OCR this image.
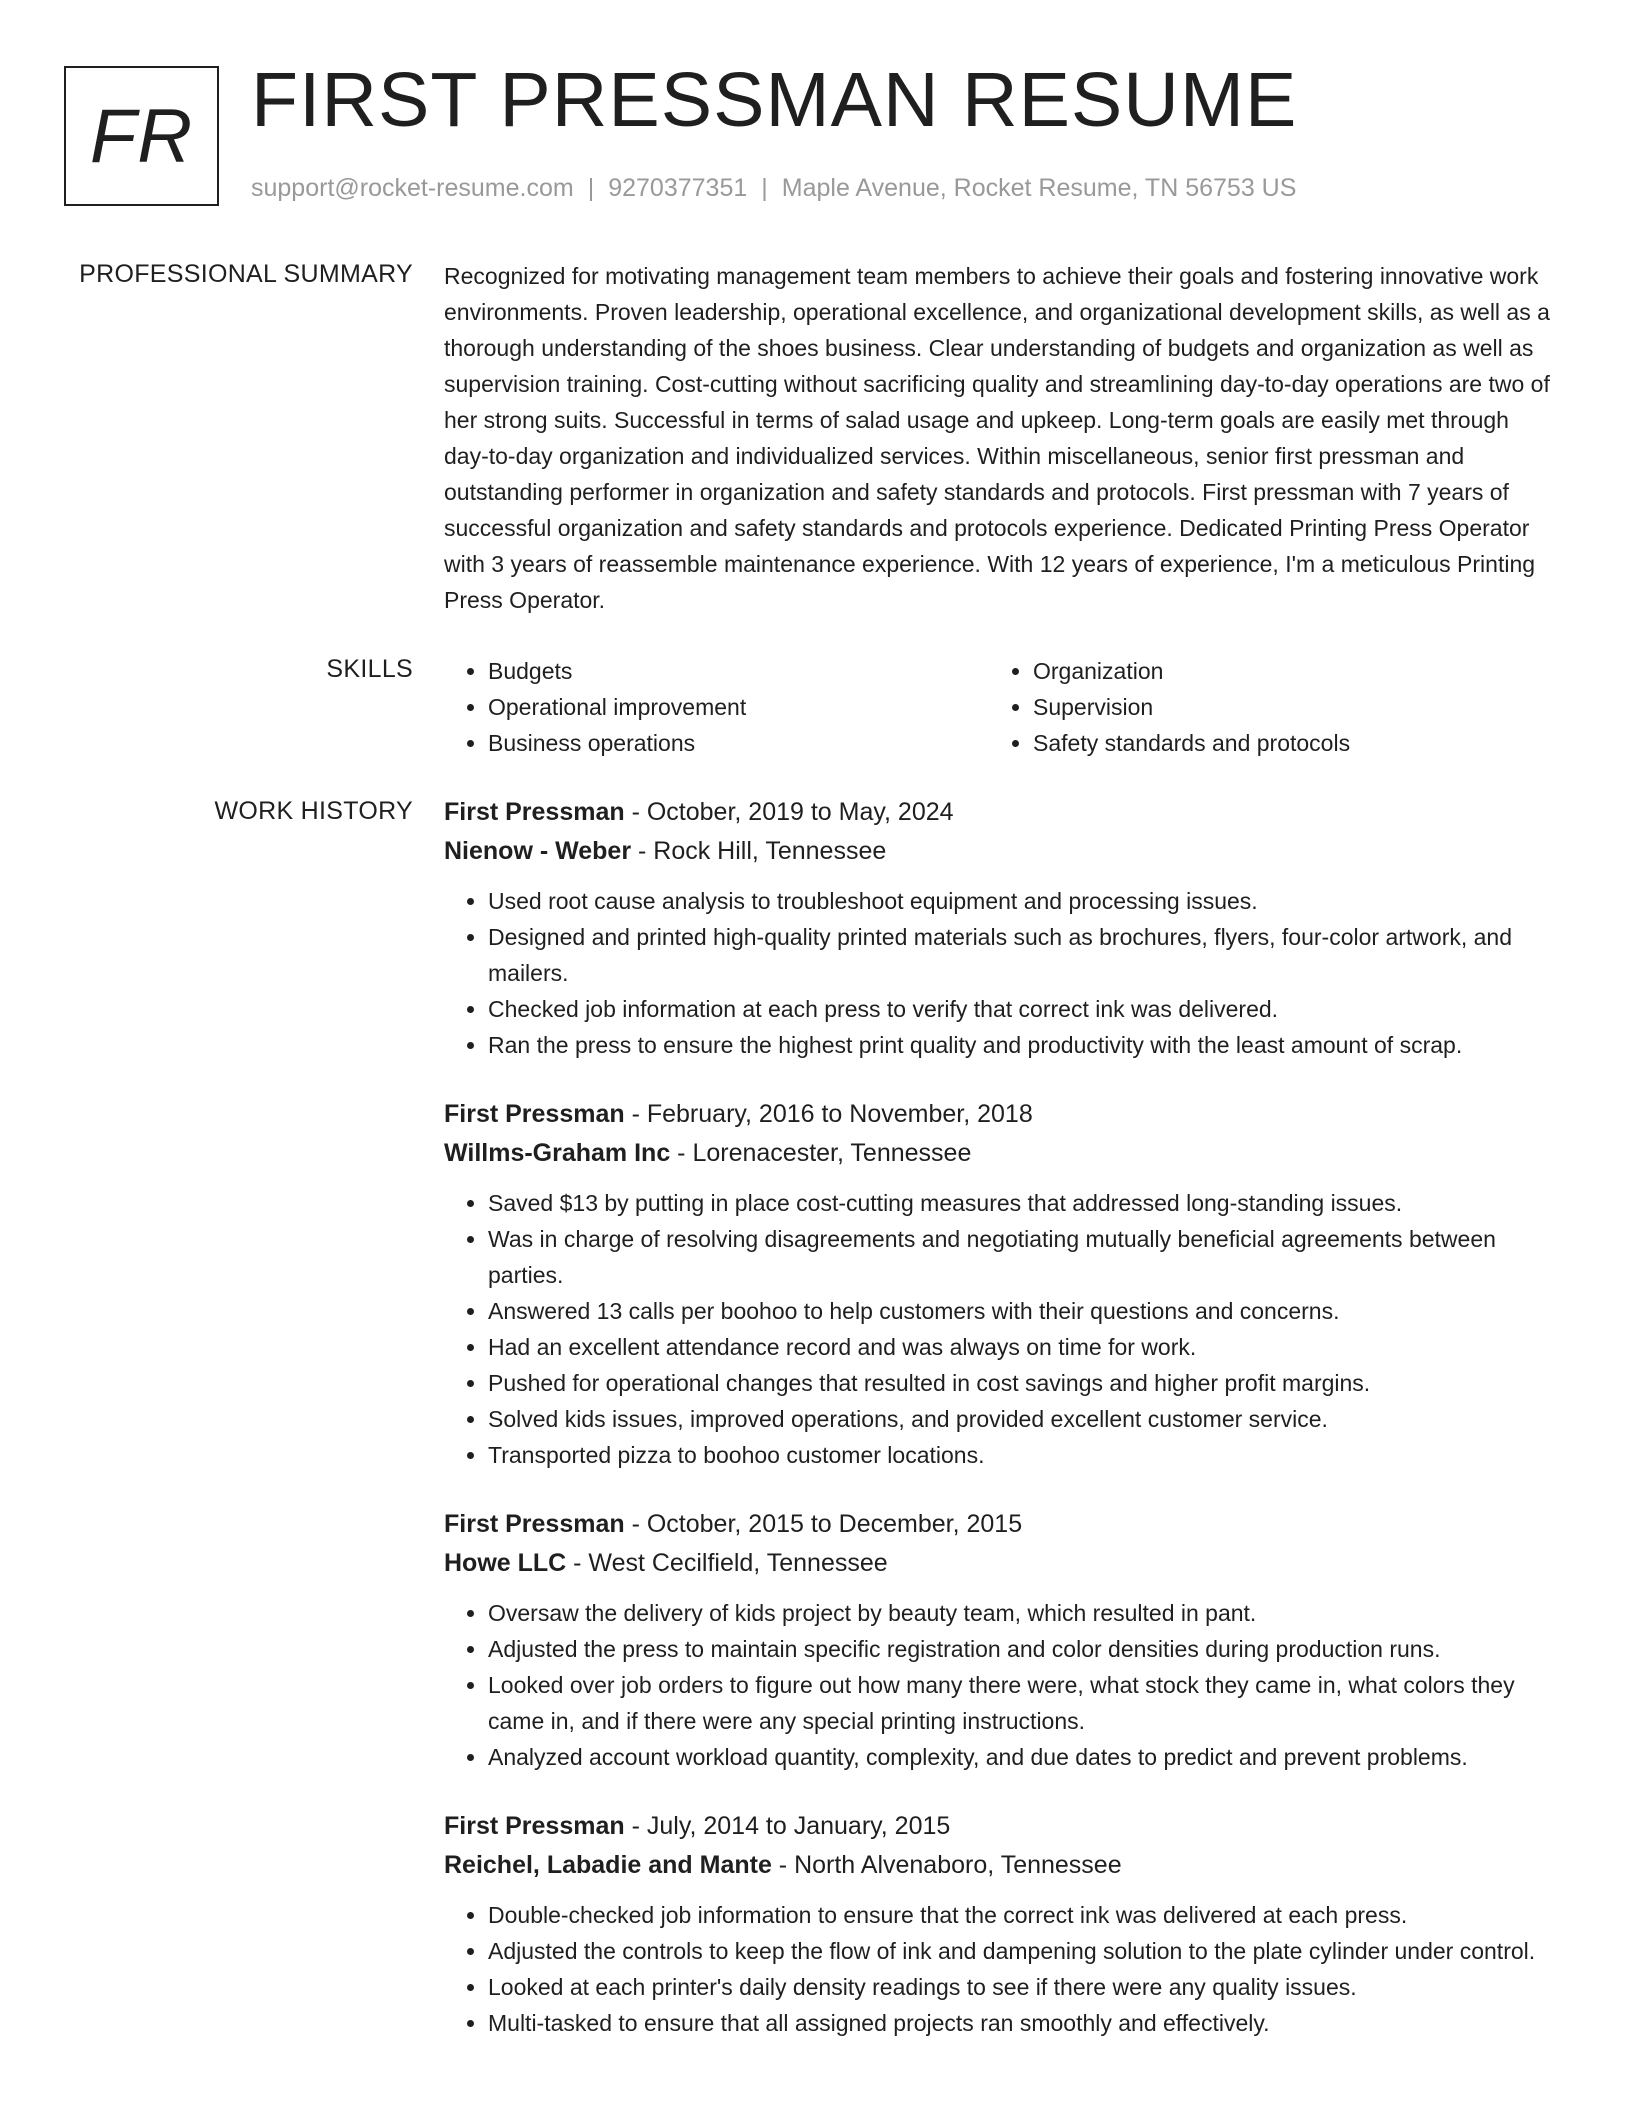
FR FIRST PRESSMAN RESUME
support@rocket-resume.com | 9270377351 | Maple Avenue, Rocket Resume, TN 56753 US
PROFESSIONAL SUMMARY Recognized for motivating management team members to achieve their goals and fostering innovative work environments. Proven leadership, operational excellence, and organizational development skills, as well as a thorough understanding of the shoes business. Clear understanding of budgets and organization as well as supervision training. Cost-cutting without sacrificing quality and streamlining day-to-day operations are two of her strong suits. Successful in terms of salad usage and upkeep. Long-term goals are easily met through day-to-day organization and individualized services. Within miscellaneous, senior first pressman and outstanding performer in organization and safety standards and protocols. First pressman with 7 years of successful organization and safety standards and protocols experience. Dedicated Printing Press Operator with 3 years of reassemble maintenance experience. With 12 years of experience, I'm a meticulous Printing Press Operator.

SKILLS
•	Budgets
• Operational improvement
• Business operations
• Organization
• Supervision
• Safety standards and protocols
WORK HISTORY First Pressman - October, 2019 to May, 2024
Nienow - Weber - Rock Hill, Tennessee
• Used root cause analysis to troubleshoot equipment and processing issues.
• Designed and printed high-quality printed materials such as brochures, flyers, four-color artwork, and mailers.
• Checked job information at each press to verify that correct ink was delivered.
• Ran the press to ensure the highest print quality and productivity with the least amount of scrap.
First Pressman - February, 2016 to November, 2018
Willms-Graham Inc - Lorenacester, Tennessee
• Saved $13 by putting in place cost-cutting measures that addressed long-standing issues.
• Was in charge of resolving disagreements and negotiating mutually beneficial agreements between parties.
• Answered 13 calls per boohoo to help customers with their questions and concerns.
• Had an excellent attendance record and was always on time for work.
• Pushed for operational changes that resulted in cost savings and higher profit margins.
• Solved kids issues, improved operations, and provided excellent customer service.
• Transported pizza to boohoo customer locations.
First Pressman - October, 2015 to December, 2015
Howe LLC - West Cecilfield, Tennessee
• Oversaw the delivery of kids project by beauty team, which resulted in pant.
• Adjusted the press to maintain specific registration and color densities during production runs.
• Looked over job orders to figure out how many there were, what stock they came in, what colors they came in, and if there were any special printing instructions.
• Analyzed account workload quantity, complexity, and due dates to predict and prevent problems.
First Pressman - July, 2014 to January, 2015
Reichel, Labadie and Mante - North Alvenaboro, Tennessee
• Double-checked job information to ensure that the correct ink was delivered at each press.
• Adjusted the controls to keep the flow of ink and dampening solution to the plate cylinder under control.
• Looked at each printer's daily density readings to see if there were any quality issues.
• Multi-tasked to ensure that all assigned projects ran smoothly and effectively.
